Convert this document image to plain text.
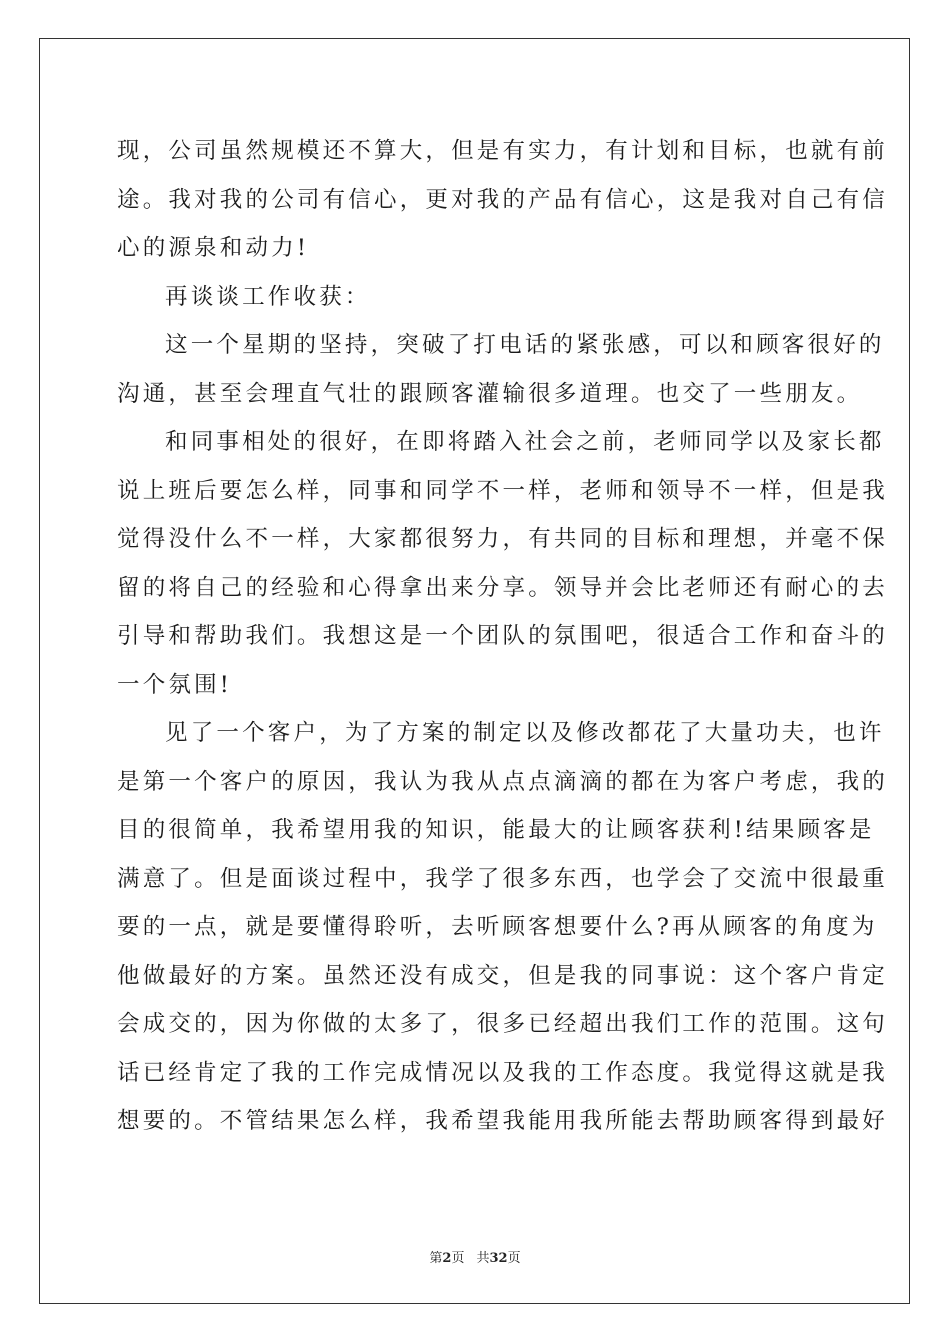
现，公司虽然规模还不算大，但是有实力，有计划和目标，也就有前
途。我对我的公司有信心，更对我的产品有信心，这是我对自己有信
心的源泉和动力!
再谈谈工作收获：
这一个星期的坚持，突破了打电话的紧张感，可以和顾客很好的
沟通，甚至会理直气壮的跟顾客灌输很多道理。也交了一些朋友。
和同事相处的很好，在即将踏入社会之前，老师同学以及家长都
说上班后要怎么样，同事和同学不一样，老师和领导不一样，但是我
觉得没什么不一样，大家都很努力，有共同的目标和理想，并毫不保
留的将自己的经验和心得拿出来分享。领导并会比老师还有耐心的去
引导和帮助我们。我想这是一个团队的氛围吧，很适合工作和奋斗的
一个氛围!
见了一个客户，为了方案的制定以及修改都花了大量功夫，也许
是第一个客户的原因，我认为我从点点滴滴的都在为客户考虑，我的
目的很简单，我希望用我的知识，能最大的让顾客获利!结果顾客是
满意了。但是面谈过程中，我学了很多东西，也学会了交流中很最重
要的一点，就是要懂得聆听，去听顾客想要什么?再从顾客的角度为
他做最好的方案。虽然还没有成交，但是我的同事说：这个客户肯定
会成交的，因为你做的太多了，很多已经超出我们工作的范围。这句
话已经肯定了我的工作完成情况以及我的工作态度。我觉得这就是我
想要的。不管结果怎么样，我希望我能用我所能去帮助顾客得到最好
第2页 共32页
